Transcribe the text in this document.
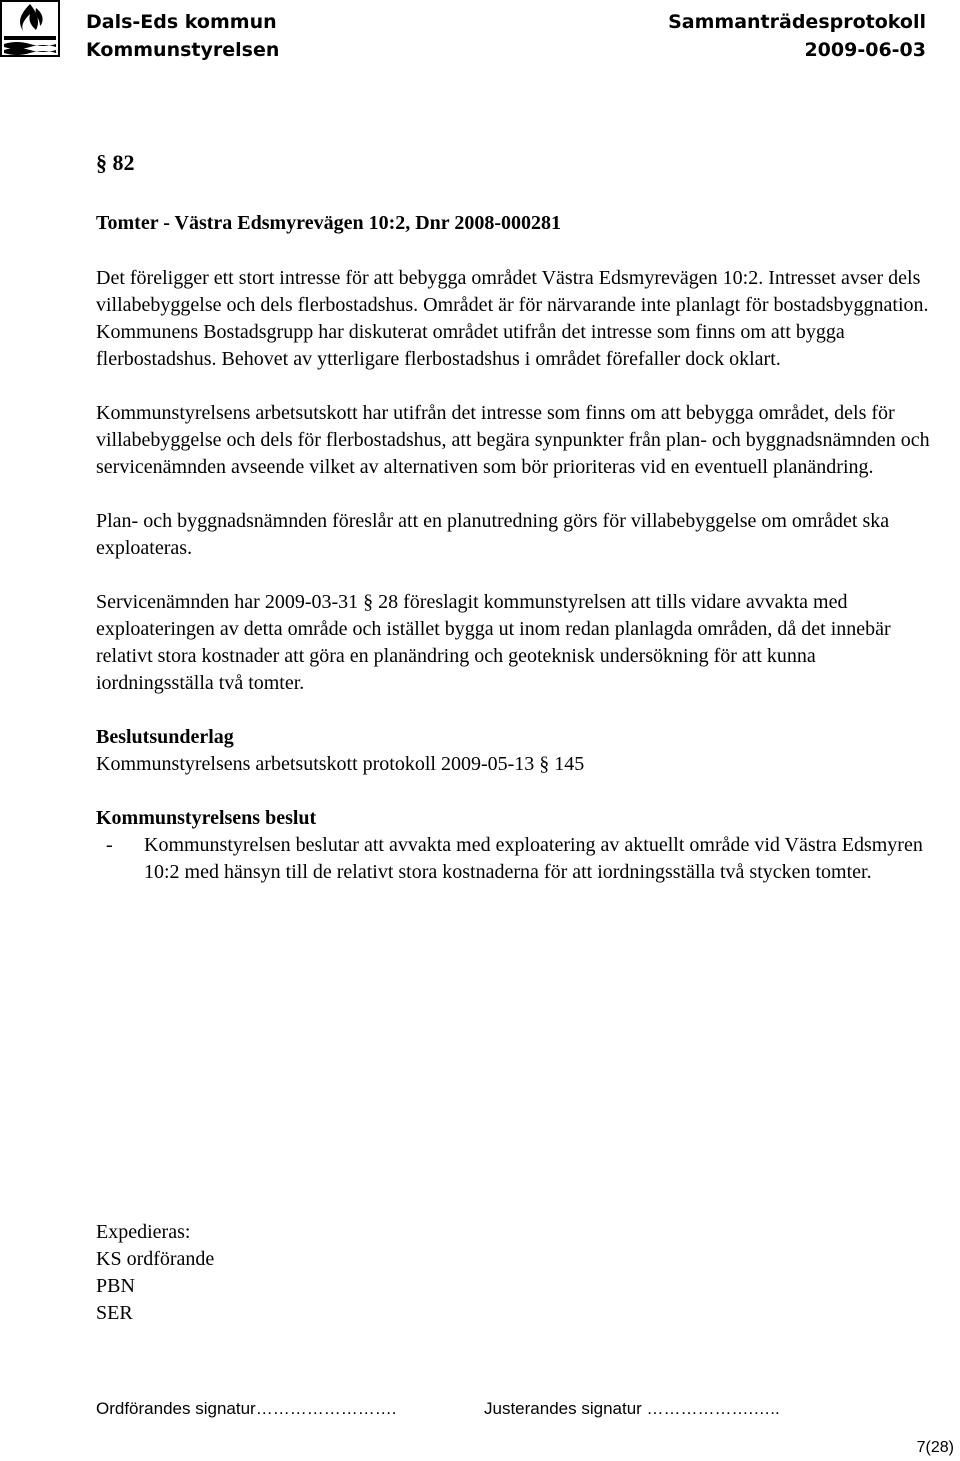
Dals-Eds kommun
Kommunstyrelsen
Sammanträdesprotokoll
2009-06-03

§ 82

Tomter - Västra Edsmyrevägen 10:2, Dnr 2008-000281

Det föreligger ett stort intresse för att bebygga området Västra Edsmyrevägen 10:2. Intresset avser dels villabebyggelse och dels flerbostadshus. Området är för närvarande inte planlagt för bostadsbyggnation. Kommunens Bostadsgrupp har diskuterat området utifrån det intresse som finns om att bygga flerbostadshus. Behovet av ytterligare flerbostadshus i området förefaller dock oklart.

Kommunstyrelsens arbetsutskott har utifrån det intresse som finns om att bebygga området, dels för villabebyggelse och dels för flerbostadshus, att begära synpunkter från plan- och byggnadsnämnden och servicenämnden avseende vilket av alternativen som bör prioriteras vid en eventuell planändring.

Plan- och byggnadsnämnden föreslår att en planutredning görs för villabebyggelse om området ska exploateras.

Servicenämnden har 2009-03-31 § 28 föreslagit kommunstyrelsen att tills vidare avvakta med exploateringen av detta område och istället bygga ut inom redan planlagda områden, då det innebär relativt stora kostnader att göra en planändring och geoteknisk undersökning för att kunna iordningsställa två tomter.

Beslutsunderlag

Kommunstyrelsens arbetsutskott protokoll 2009-05-13 § 145

Kommunstyrelsens beslut

-	Kommunstyrelsen beslutar att avvakta med exploatering av aktuellt område vid Västra Edsmyren 10:2 med hänsyn till de relativt stora kostnaderna för att iordningsställa två stycken tomter.
Expedieras:
KS ordförande
PBN
SER
Ordförandes signatur…………………….	Justerandes signatur ……………….…..
7(28)
